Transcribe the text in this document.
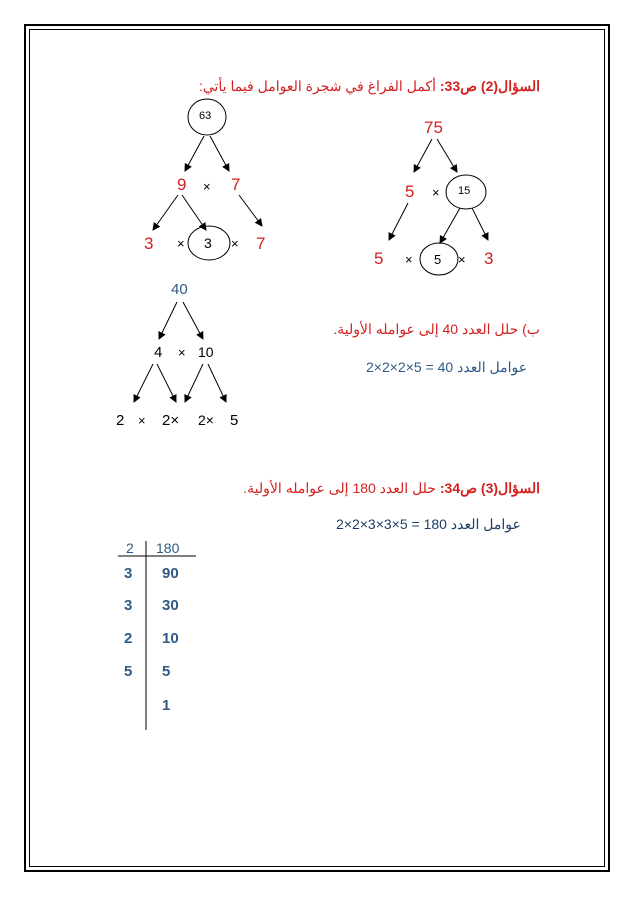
السؤال(2) ص33: أكمل الفراغ في شجرة العوامل فيما يأتي:
63
9 × 7
3 × 3 × 7
75
5 × 15
5 × 5 × 3
40
4 × 10
2 × 2× 2× 5
ب) حلل العدد 40 إلى عوامله الأولية.
2×2×2×5 عوامل العدد 40 =
السؤال(3) ص34: حلل العدد 180 إلى عوامله الأولية.
2×2×3×3×5 عوامل العدد 180 =
2 180
3 90
3 30
2 10
5 5
1
